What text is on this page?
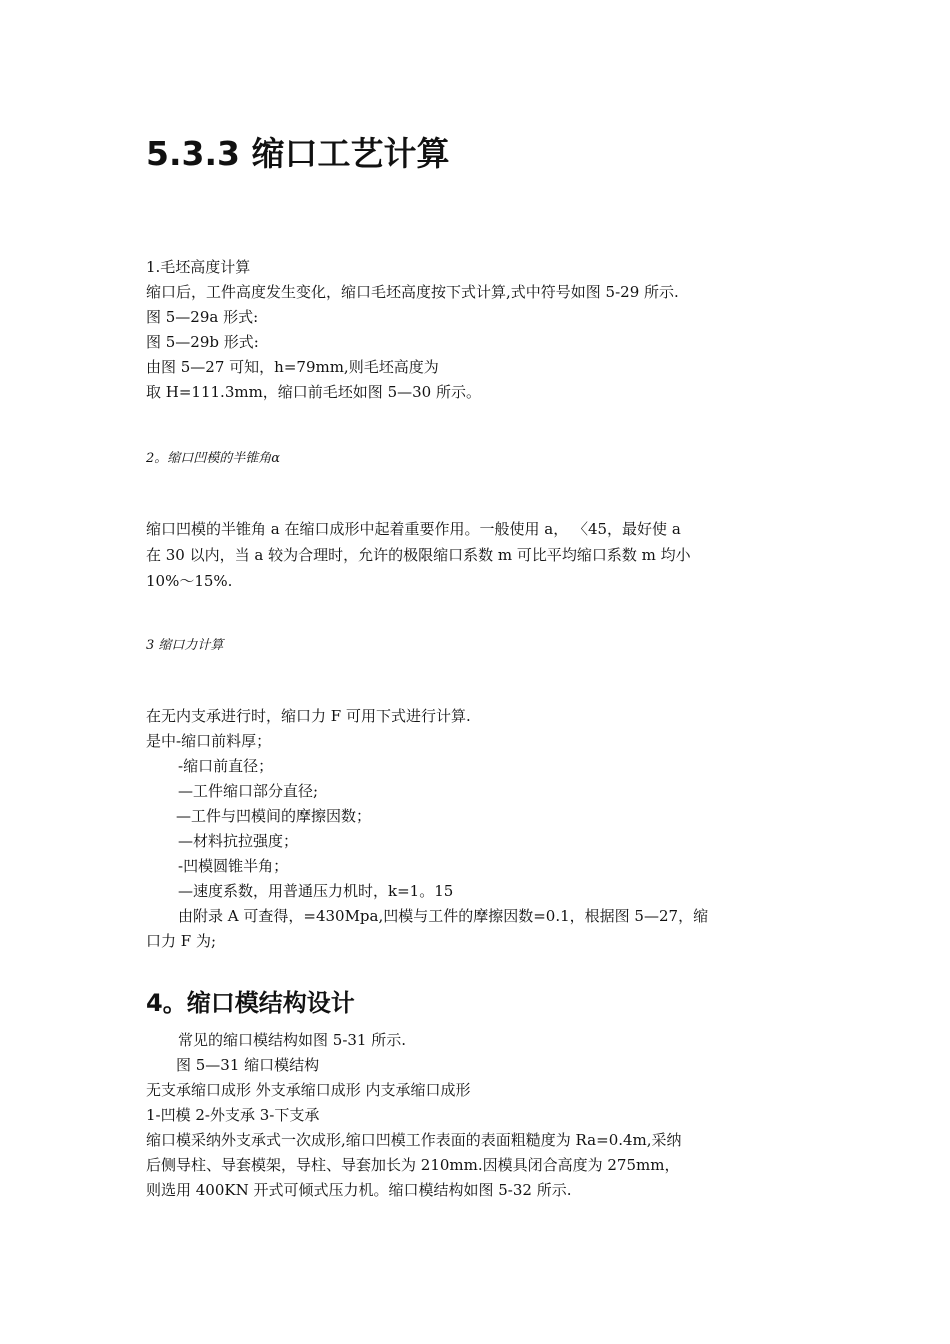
5.3.3 缩口工艺计算
1.毛坯高度计算
缩口后，工件高度发生变化，缩口毛坯高度按下式计算,式中符号如图 5-29 所示.
图 5—29a 形式:
图 5—29b 形式:
由图 5—27 可知，h=79mm,则毛坯高度为
取 H=111.3mm，缩口前毛坯如图 5—30 所示。
2。缩口凹模的半锥角α
缩口凹模的半锥角 a 在缩口成形中起着重要作用。一般使用 a， 〈45，最好使 a
在 30 以内，当 a 较为合理时，允许的极限缩口系数 m 可比平均缩口系数 m 均小
10%～15%.
3 缩口力计算
在无内支承进行时，缩口力 F 可用下式进行计算.
是中-缩口前料厚；
-缩口前直径；
—工件缩口部分直径;
—工件与凹模间的摩擦因数；
—材料抗拉强度；
-凹模圆锥半角；
—速度系数，用普通压力机时，k=1。15
由附录 A 可查得，=430Mpa,凹模与工件的摩擦因数=0.1，根据图 5—27，缩
口力 F 为;
4。缩口模结构设计
常见的缩口模结构如图 5-31 所示.
图 5—31 缩口模结构
无支承缩口成形 外支承缩口成形 内支承缩口成形
1-凹模 2-外支承 3-下支承
缩口模采纳外支承式一次成形,缩口凹模工作表面的表面粗糙度为 Ra=0.4m,采纳
后侧导柱、导套模架，导柱、导套加长为 210mm.因模具闭合高度为 275mm，
则选用 400KN 开式可倾式压力机。缩口模结构如图 5-32 所示.
